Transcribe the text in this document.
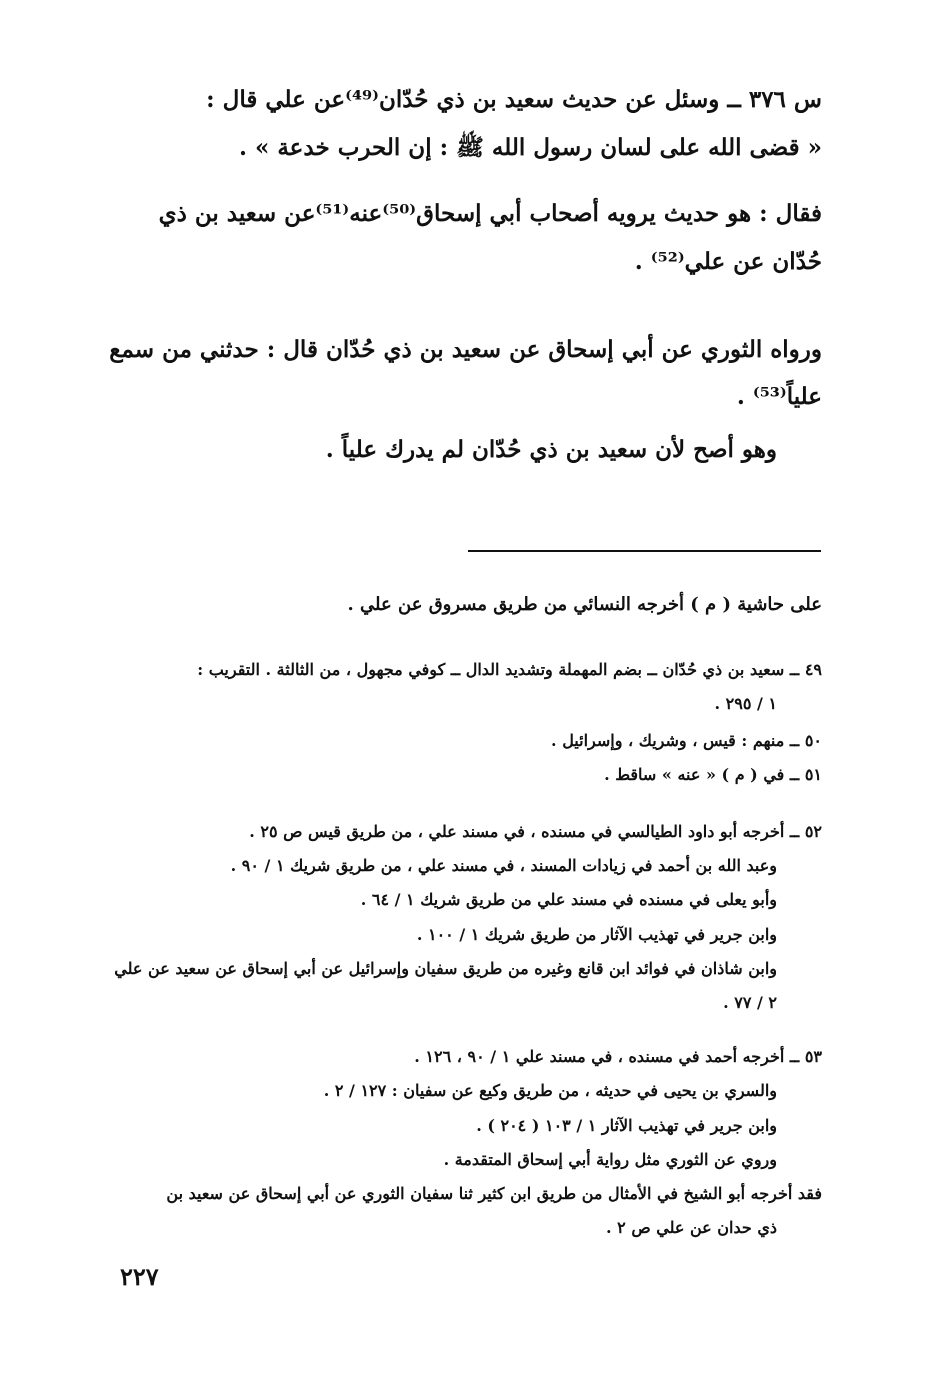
س ٣٧٦ ــ وسئل عن حديث سعيد بن ذي حُدّان⁽⁴⁹⁾عن علي قال :

« قضى الله على لسان رسول الله ﷺ : إن الحرب خدعة » .

فقال : هو حديث يرويه أصحاب أبي إسحاق⁽⁵⁰⁾عنه⁽⁵¹⁾عن سعيد بن ذي

حُدّان عن علي⁽⁵²⁾ .

ورواه الثوري عن أبي إسحاق عن سعيد بن ذي حُدّان قال : حدثني من سمع

علياً⁽⁵³⁾ .

وهو أصح لأن سعيد بن ذي حُدّان لم يدرك علياً .

على حاشية ( م ) أخرجه النسائي من طريق مسروق عن علي .

٤٩ ــ سعيد بن ذي حُدّان ــ بضم المهملة وتشديد الدال ــ كوفي مجهول ، من الثالثة . التقريب :

١ / ٢٩٥ .

٥٠ ــ منهم : قيس ، وشريك ، وإسرائيل .

٥١ ــ في ( م ) « عنه » ساقط .

٥٢ ــ أخرجه أبو داود الطيالسي في مسنده ، في مسند علي ، من طريق قيس ص ٢٥ .

وعبد الله بن أحمد في زيادات المسند ، في مسند علي ، من طريق شريك ١ / ٩٠ .

وأبو يعلى في مسنده في مسند علي من طريق شريك ١ / ٦٤ .

وابن جرير في تهذيب الآثار من طريق شريك ١ / ١٠٠ .

وابن شاذان في فوائد ابن قانع وغيره من طريق سفيان وإسرائيل عن أبي إسحاق عن سعيد عن علي

٢ / ٧٧ .

٥٣ ــ أخرجه أحمد في مسنده ، في مسند علي ١ / ٩٠ ، ١٢٦ .

والسري بن يحيى في حديثه ، من طريق وكيع عن سفيان : ١٢٧ / ٢ .

وابن جرير في تهذيب الآثار ١ / ١٠٣ ( ٢٠٤ ) .

وروي عن الثوري مثل رواية أبي إسحاق المتقدمة .

فقد أخرجه أبو الشيخ في الأمثال من طريق ابن كثير ثنا سفيان الثوري عن أبي إسحاق عن سعيد بن

ذي حدان عن علي ص ٢ .

٢٢٧
